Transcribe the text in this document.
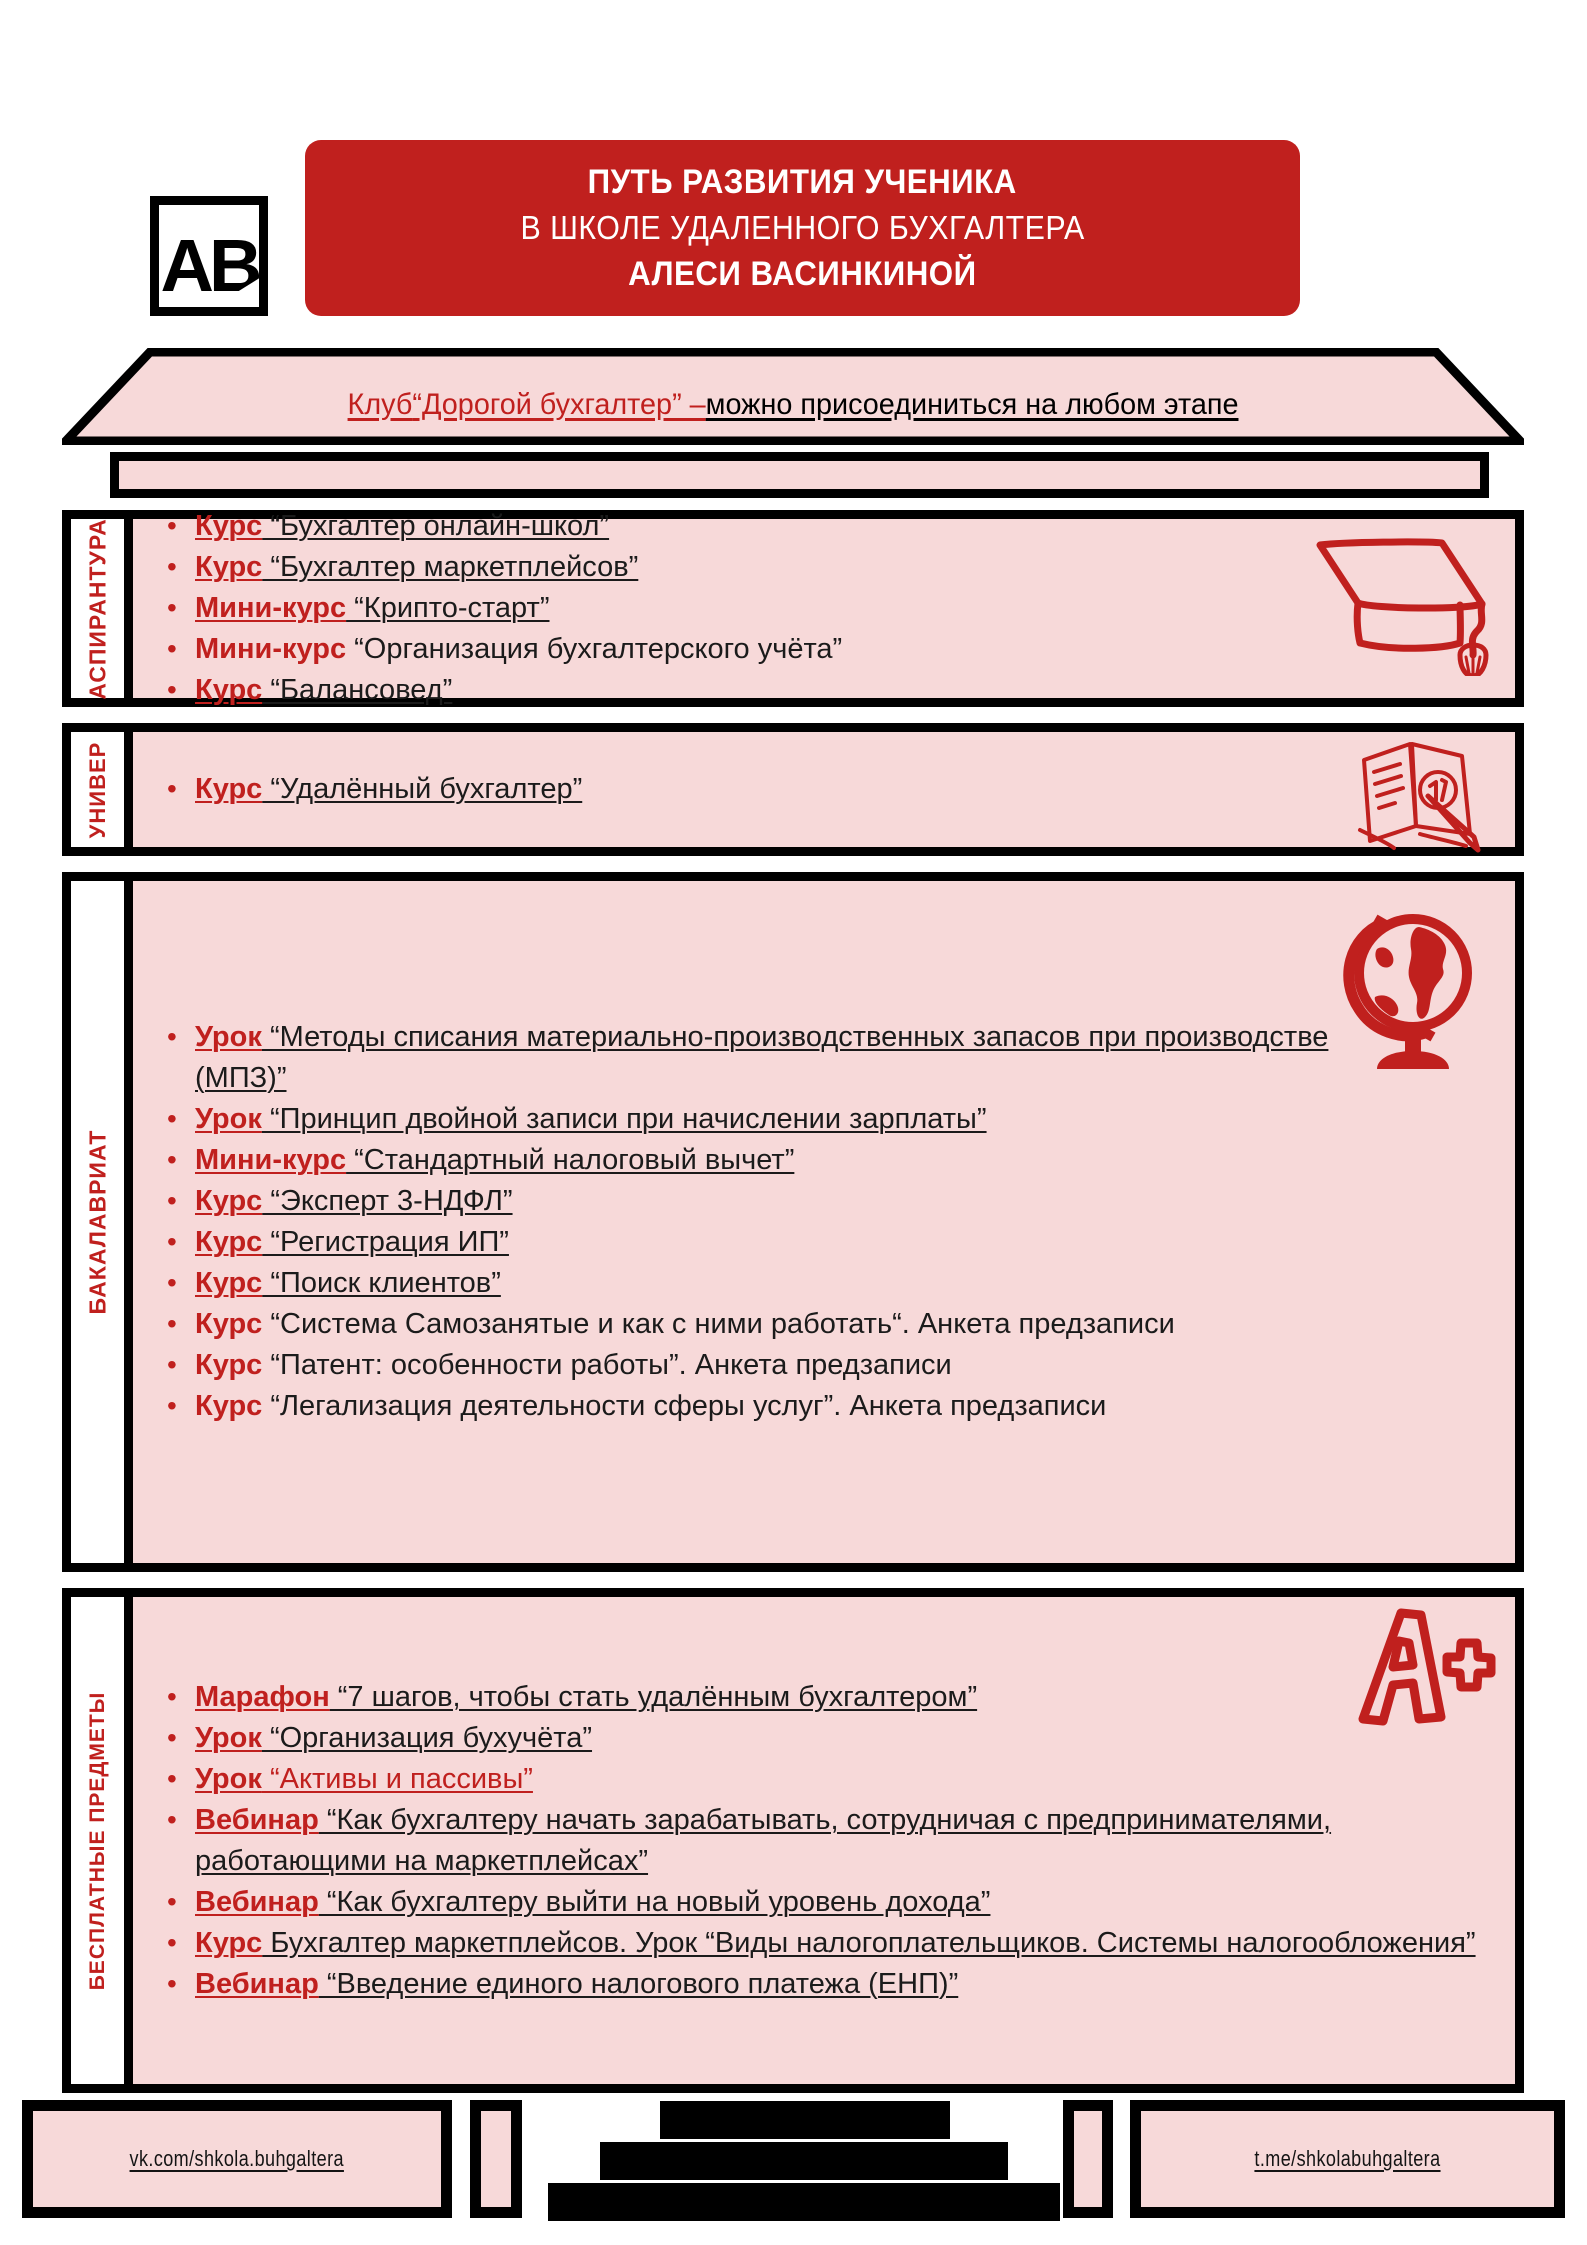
АВ
ПУТЬ РАЗВИТИЯ УЧЕНИКА
В ШКОЛЕ УДАЛЕННОГО БУХГАЛТЕРА
АЛЕСИ ВАСИНКИНОЙ
Клуб“Дорогой бухгалтер” –можно присоединиться на любом этапе
АСПИРАНТУРА	• Курс “Бухгалтер онлайн-школ”
• Курс “Бухгалтер маркетплейсов”
• Мини-курс “Крипто-старт”
• Мини-курс “Организация бухгалтерского учёта”
• Курс “Балансовед”
УНИВЕР	• Курс “Удалённый бухгалтер”
БАКАЛАВРИАТ
• Урок “Методы списания материально-производственных запасов при производстве (МПЗ)”
• Урок “Принцип двойной записи при начислении зарплаты”
• Мини-курс “Стандартный налоговый вычет”
• Курс “Эксперт 3-НДФЛ”
• Курс “Регистрация ИП”
• Курс “Поиск клиентов”
• Курс “Система Самозанятые и как с ними работать“. Анкета предзаписи
• Курс “Патент: особенности работы”. Анкета предзаписи
• Курс “Легализация деятельности сферы услуг”. Анкета предзаписи
БЕСПЛАТНЫЕ ПРЕДМЕТЫ	• Марафон “7 шагов, чтобы стать удалённым бухгалтером”
• Урок “Организация бухучёта”
• Урок “Активы и пассивы”
• Вебинар “Как бухгалтеру начать зарабатывать, сотрудничая с предпринимателями, работающими на маркетплейсах”
• Вебинар “Как бухгалтеру выйти на новый уровень дохода”
• Курс Бухгалтер маркетплейсов. Урок “Виды налогоплательщиков. Системы налогообложения”
• Вебинар “Введение единого налогового платежа (ЕНП)”
vk.com/shkola.buhgaltera	t.me/shkolabuhgaltera
